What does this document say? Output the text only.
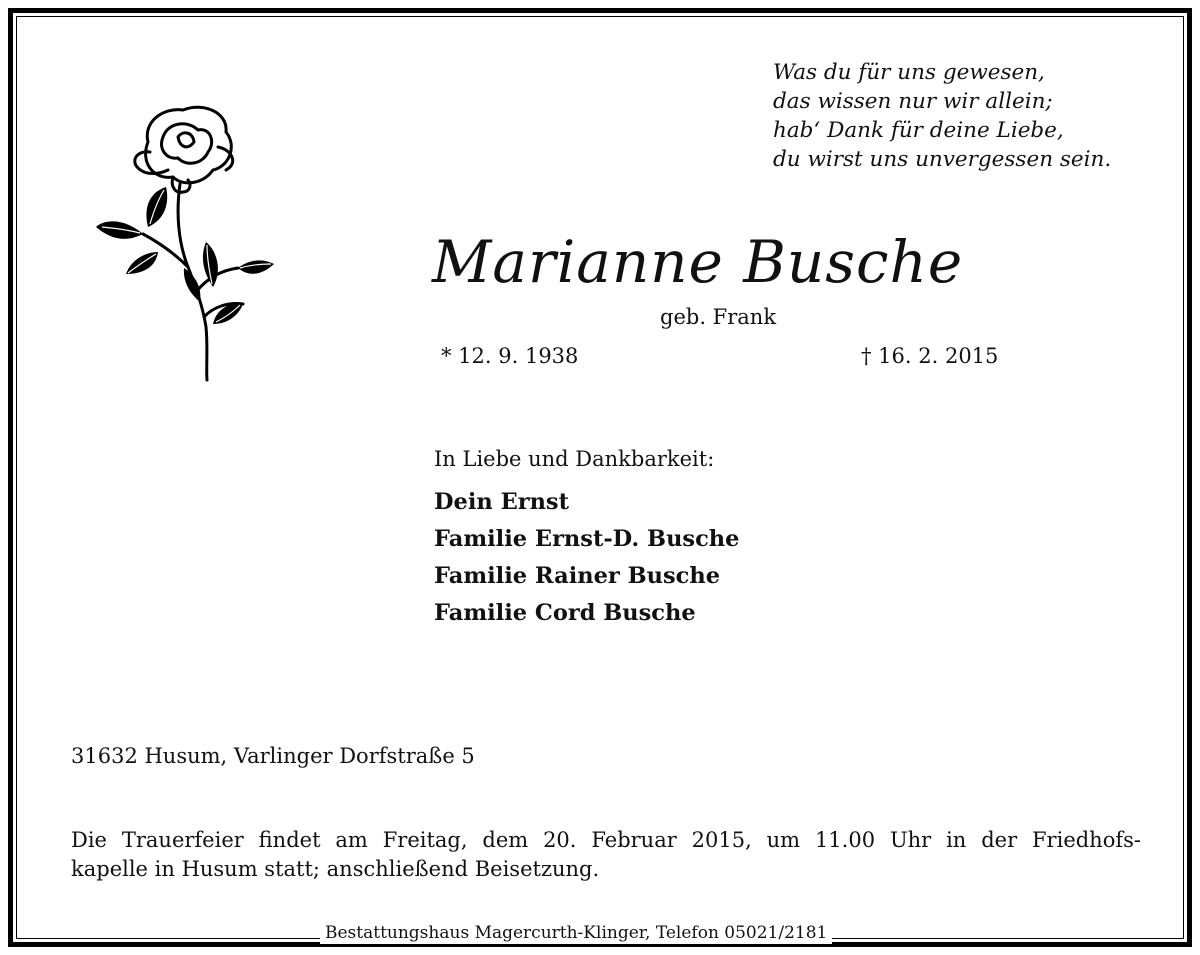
Was du für uns gewesen,
das wissen nur wir allein;
hab‘ Dank für deine Liebe,
du wirst uns unvergessen sein.
Marianne Busche
geb. Frank
* 12. 9. 1938	† 16. 2. 2015
In Liebe und Dankbarkeit:
Dein Ernst
Familie Ernst-D. Busche
Familie Rainer Busche
Familie Cord Busche
31632 Husum, Varlinger Dorfstraße 5
Die Trauerfeier findet am Freitag, dem 20. Februar 2015, um 11.00 Uhr in der Friedhofs-
kapelle in Husum statt; anschließend Beisetzung.
Bestattungshaus Magercurth-Klinger, Telefon 05021/2181
